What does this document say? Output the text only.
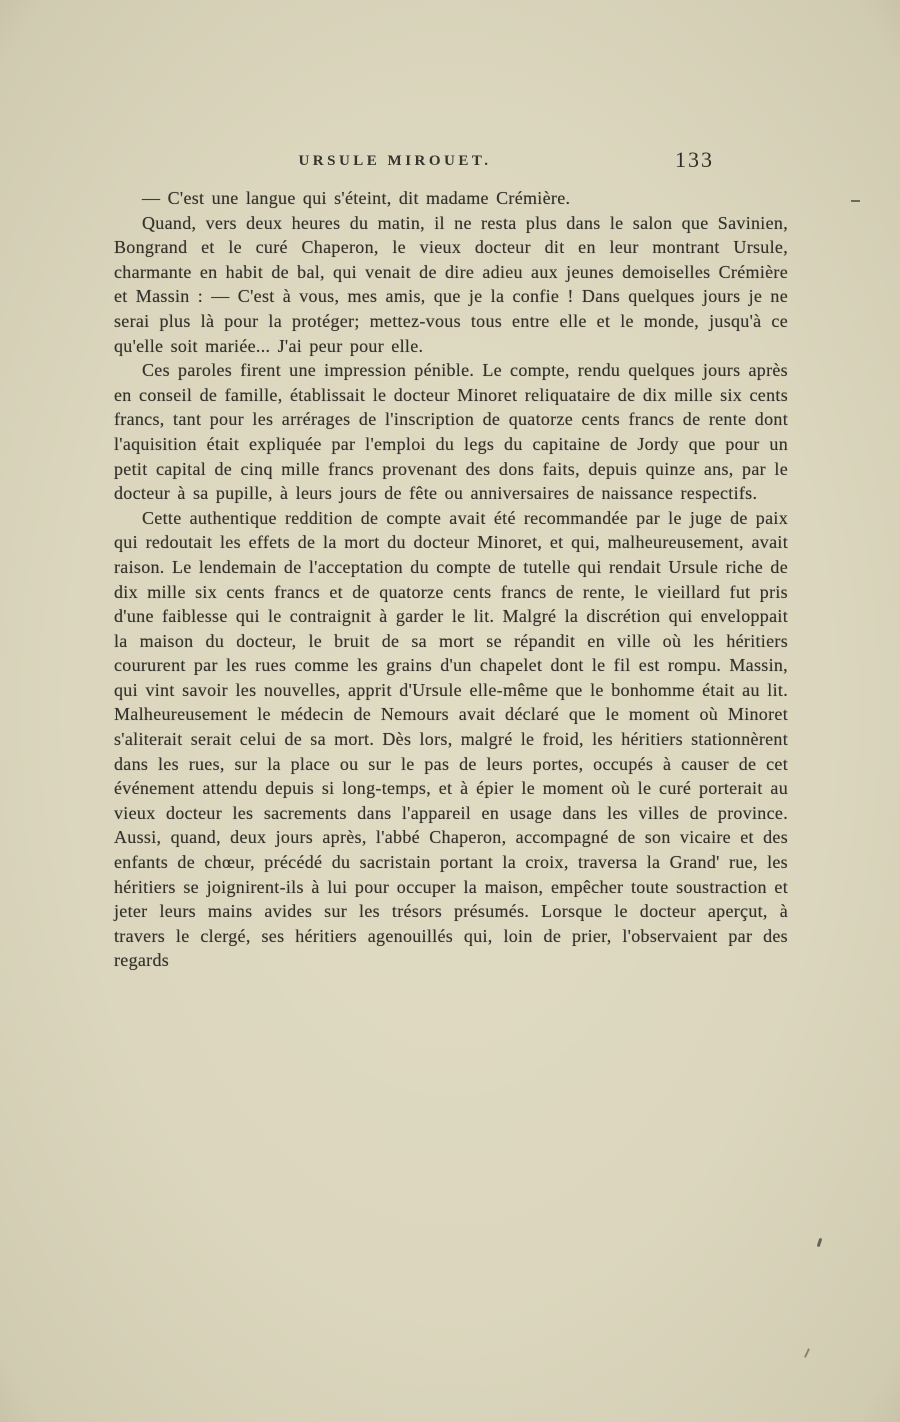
URSULE MIROUET.	133

— C'est une langue qui s'éteint, dit madame Crémière.

Quand, vers deux heures du matin, il ne resta plus dans le salon que Savinien, Bongrand et le curé Chaperon, le vieux docteur dit en leur montrant Ursule, charmante en habit de bal, qui venait de dire adieu aux jeunes demoiselles Crémière et Massin : — C'est à vous, mes amis, que je la confie ! Dans quelques jours je ne serai plus là pour la protéger; mettez-vous tous entre elle et le monde, jusqu'à ce qu'elle soit mariée... J'ai peur pour elle.

Ces paroles firent une impression pénible. Le compte, rendu quelques jours après en conseil de famille, établissait le docteur Minoret reliquataire de dix mille six cents francs, tant pour les arrérages de l'inscription de quatorze cents francs de rente dont l'aquisition était expliquée par l'emploi du legs du capitaine de Jordy que pour un petit capital de cinq mille francs provenant des dons faits, depuis quinze ans, par le docteur à sa pupille, à leurs jours de fête ou anniversaires de naissance respectifs.

Cette authentique reddition de compte avait été recommandée par le juge de paix qui redoutait les effets de la mort du docteur Minoret, et qui, malheureusement, avait raison. Le lendemain de l'acceptation du compte de tutelle qui rendait Ursule riche de dix mille six cents francs et de quatorze cents francs de rente, le vieillard fut pris d'une faiblesse qui le contraignit à garder le lit. Malgré la discrétion qui enveloppait la maison du docteur, le bruit de sa mort se répandit en ville où les héritiers coururent par les rues comme les grains d'un chapelet dont le fil est rompu. Massin, qui vint savoir les nouvelles, apprit d'Ursule elle-même que le bonhomme était au lit. Malheureusement le médecin de Nemours avait déclaré que le moment où Minoret s'aliterait serait celui de sa mort. Dès lors, malgré le froid, les héritiers stationnèrent dans les rues, sur la place ou sur le pas de leurs portes, occupés à causer de cet événement attendu depuis si long-temps, et à épier le moment où le curé porterait au vieux docteur les sacrements dans l'appareil en usage dans les villes de province. Aussi, quand, deux jours après, l'abbé Chaperon, accompagné de son vicaire et des enfants de chœur, précédé du sacristain portant la croix, traversa la Grand' rue, les héritiers se joignirent-ils à lui pour occuper la maison, empêcher toute soustraction et jeter leurs mains avides sur les trésors présumés. Lorsque le docteur aperçut, à travers le clergé, ses héritiers agenouillés qui, loin de prier, l'observaient par des regards
